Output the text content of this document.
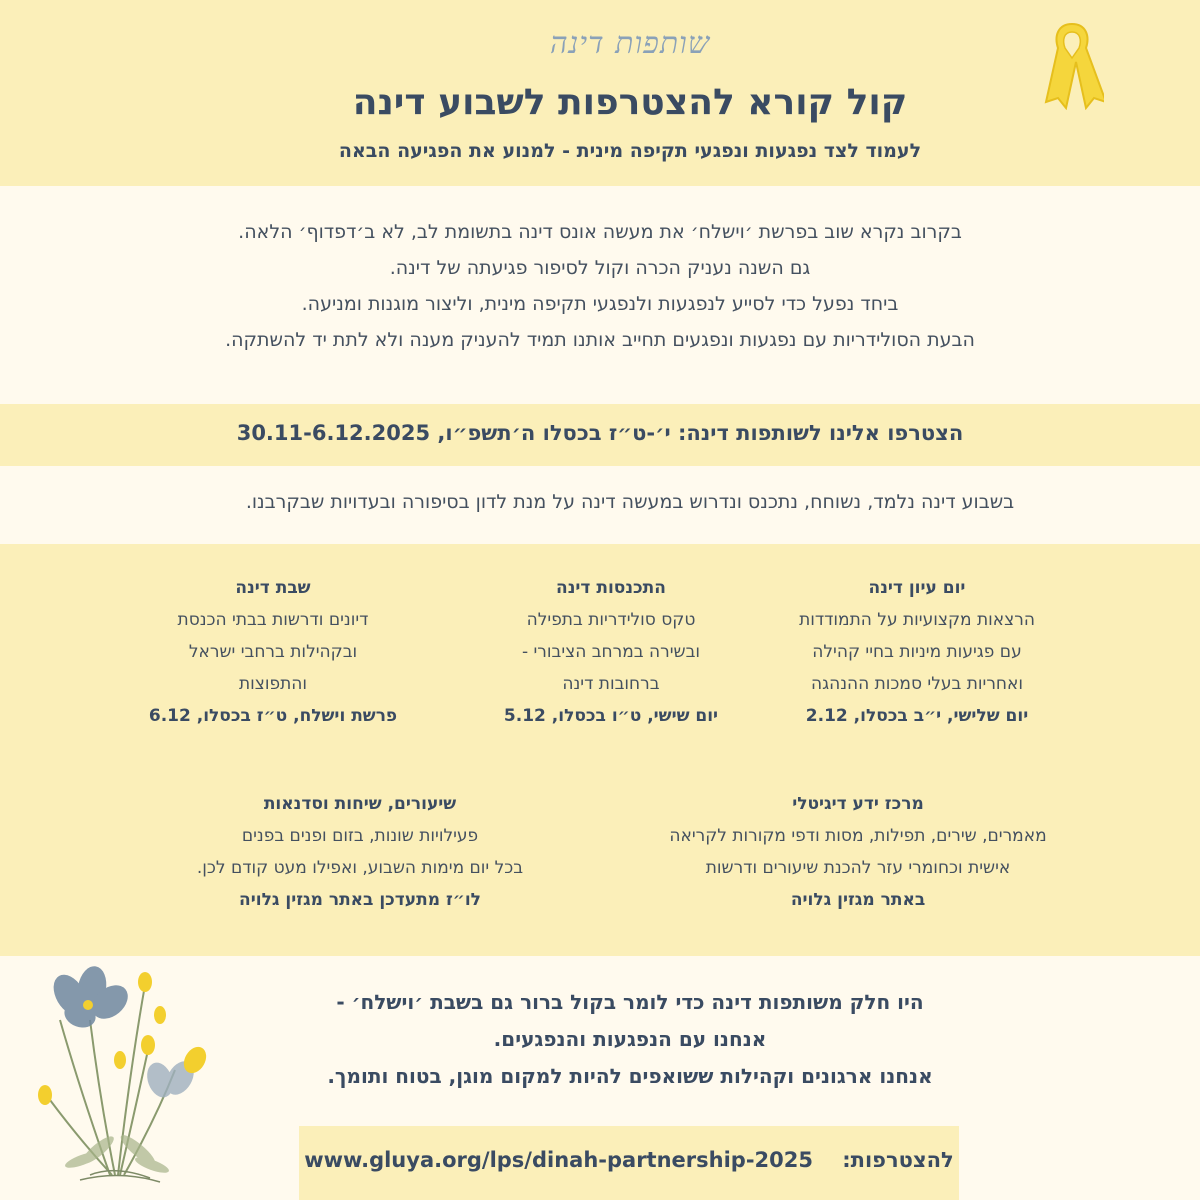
שותפות דינה
קול קורא להצטרפות לשבוע דינה
לעמוד לצד נפגעות ונפגעי תקיפה מינית - למנוע את הפגיעה הבאה
בקרוב נקרא שוב בפרשת ׳וישלח׳ את מעשה אונס דינה בתשומת לב, לא ב׳דפדוף׳ הלאה.
גם השנה נעניק הכרה וקול לסיפור פגיעתה של דינה.
ביחד נפעל כדי לסייע לנפגעות ולנפגעי תקיפה מינית, וליצור מוגנות ומניעה.
הבעת הסולידריות עם נפגעות ונפגעים תחייב אותנו תמיד להעניק מענה ולא לתת יד להשתקה.
הצטרפו אלינו לשותפות דינה: י׳-ט״ז בכסלו ה׳תשפ״ו, 30.11-6.12.2025
בשבוע דינה נלמד, נשוחח, נתכנס ונדרוש במעשה דינה על מנת לדון בסיפורה ובעדויות שבקרבנו.
יום עיון דינה
הרצאות מקצועיות על התמודדות
עם פגיעות מיניות בחיי קהילה
ואחריות בעלי סמכות ההנהגה
יום שלישי, י״ב בכסלו, 2.12
התכנסות דינה
טקס סולידריות בתפילה
ובשירה במרחב הציבורי -
ברחובות דינה
יום שישי, ט״ו בכסלו, 5.12
שבת דינה
דיונים ודרשות בבתי הכנסת
ובקהילות ברחבי ישראל
והתפוצות
פרשת וישלח, ט״ז בכסלו, 6.12
מרכז ידע דיגיטלי
מאמרים, שירים, תפילות, מסות ודפי מקורות לקריאה
אישית וכחומרי עזר להכנת שיעורים ודרשות
באתר מגזין גלויה
שיעורים, שיחות וסדנאות
פעילויות שונות, בזום ופנים בפנים
בכל יום מימות השבוע, ואפילו מעט קודם לכן.
לו״ז מתעדכן באתר מגזין גלויה
היו חלק משותפות דינה כדי לומר בקול ברור גם בשבת ׳וישלח׳ -
אנחנו עם הנפגעות והנפגעים.
אנחנו ארגונים וקהילות ששואפים להיות למקום מוגן, בטוח ותומך.
להצטרפות:    www.gluya.org/lps/dinah-partnership-2025
